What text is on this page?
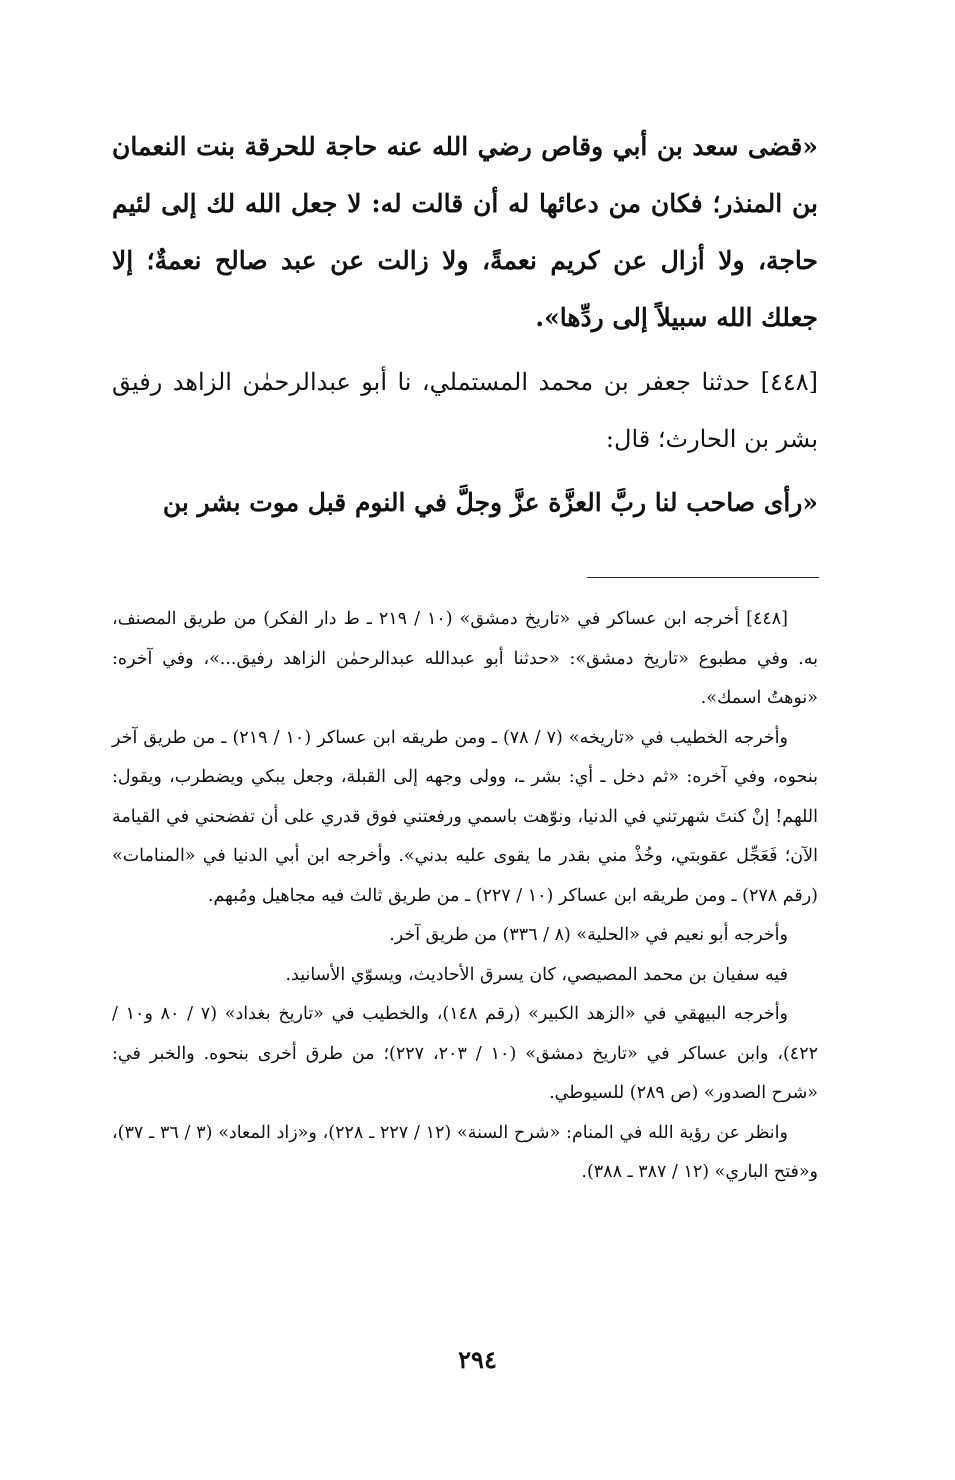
«قضى سعد بن أبي وقاص رضي الله عنه حاجة للحرقة بنت النعمان بن المنذر؛ فكان من دعائها له أن قالت له: لا جعل الله لك إلى لئيم حاجة، ولا أزال عن كريم نعمةً، ولا زالت عن عبد صالح نعمةٌ؛ إلا جعلك الله سبيلاً إلى ردِّها».

[٤٤٨] حدثنا جعفر بن محمد المستملي، نا أبو عبدالرحمٰن الزاهد رفيق بشر بن الحارث؛ قال:

«رأى صاحب لنا ربَّ العزَّة عزَّ وجلَّ في النوم قبل موت بشر بن

[٤٤٨] أخرجه ابن عساكر في «تاريخ دمشق» (١٠ / ٢١٩ ـ ط دار الفكر) من طريق المصنف، به. وفي مطبوع «تاريخ دمشق»: «حدثنا أبو عبدالله عبدالرحمٰن الزاهد رفيق...»، وفي آخره: «نوهتُ اسمك».

وأخرجه الخطيب في «تاريخه» (٧ / ٧٨) ـ ومن طريقه ابن عساكر (١٠ / ٢١٩) ـ من طريق آخر بنحوه، وفي آخره: «ثم دخل ـ أي: بشر ـ، وولى وجهه إلى القبلة، وجعل يبكي ويضطرب، ويقول: اللهم! إنْ كنتَ شهرتني في الدنيا، ونوّهت باسمي ورفعتني فوق قدري على أن تفضحني في القيامة الآن؛ فَعَجِّل عقوبتي، وخُذْ مني بقدر ما يقوى عليه بدني». وأخرجه ابن أبي الدنيا في «المنامات» (رقم ٢٧٨) ـ ومن طريقه ابن عساكر (١٠ / ٢٢٧) ـ من طريق ثالث فيه مجاهيل ومُبهم.

وأخرجه أبو نعيم في «الحلية» (٨ / ٣٣٦) من طريق آخر.

فيه سفيان بن محمد المصيصي، كان يسرق الأحاديث، ويسوّي الأسانيد.

وأخرجه البيهقي في «الزهد الكبير» (رقم ١٤٨)، والخطيب في «تاريخ بغداد» (٧ / ٨٠ و١٠ / ٤٢٢)، وابن عساكر في «تاريخ دمشق» (١٠ / ٢٠٣، ٢٢٧)؛ من طرق أخرى بنحوه. والخبر في: «شرح الصدور» (ص ٢٨٩) للسيوطي.

وانظر عن رؤية الله في المنام: «شرح السنة» (١٢ / ٢٢٧ ـ ٢٢٨)، و«زاد المعاد» (٣ / ٣٦ ـ ٣٧)، و«فتح الباري» (١٢ / ٣٨٧ ـ ٣٨٨).

٢٩٤
